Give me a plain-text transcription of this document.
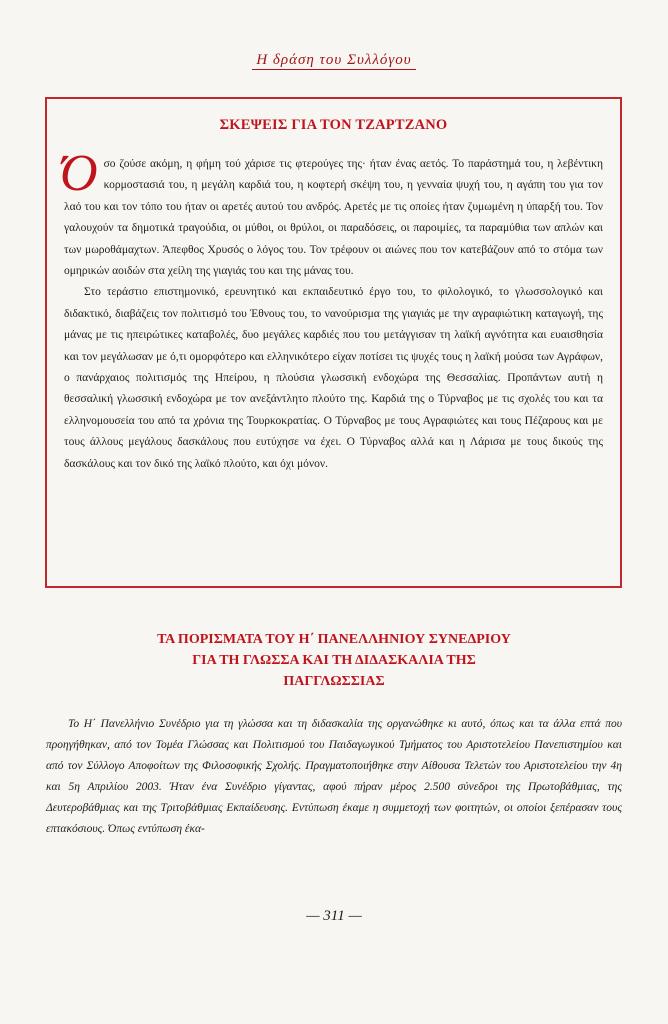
Η δράση του Συλλόγου
ΣΚΕΨΕΙΣ ΓΙΑ ΤΟΝ ΤΖΑΡΤΖΑΝΟ

Όσο ζούσε ακόμη, η φήμη τού χάρισε τις φτερούγες της· ήταν ένας αετός. Το παράστημά του, η λεβέντικη κορμοστασιά του, η μεγάλη καρδιά του, η κοφτερή σκέψη του, η γενναία ψυχή του, η αγάπη του για τον λαό του και τον τόπο του ήταν οι αρετές αυτού του ανδρός. Αρετές με τις οποίες ήταν ζυμωμένη η ύπαρξή του. Τον γαλουχούν τα δημοτικά τραγούδια, οι μύθοι, οι θρύλοι, οι παραδόσεις, οι παροιμίες, τα παραμύθια των απλών και των μωροθάμαχτων. Άπεφθος Χρυσός ο λόγος του. Τον τρέφουν οι αιώνες που τον κατεβάζουν από το στόμα των ομηρικών αοιδών στα χείλη της γιαγιάς του και της μάνας του.

Στο τεράστιο επιστημονικό, ερευνητικό και εκπαιδευτικό έργο του, το φιλολογικό, το γλωσσολογικό και διδακτικό, διαβάζεις τον πολιτισμό του Έθνους του, το νανούρισμα της γιαγιάς με την αγραφιώτικη καταγωγή, της μάνας με τις ηπειρώτικες καταβολές, δυο μεγάλες καρδιές που του μετάγγισαν τη λαϊκή αγνότητα και ευαισθησία και τον μεγάλωσαν με ό,τι ομορφότερο και ελληνικότερο είχαν ποτίσει τις ψυχές τους η λαϊκή μούσα των Αγράφων, ο πανάρχαιος πολιτισμός της Ηπείρου, η πλούσια γλωσσική ενδοχώρα της Θεσσαλίας. Προπάντων αυτή η θεσσαλική γλωσσική ενδοχώρα με τον ανεξάντλητο πλούτο της. Καρδιά της ο Τύρναβος με τις σχολές του και τα ελληνομουσεία του από τα χρόνια της Τουρκοκρατίας. Ο Τύρναβος με τους Αγραφιώτες και τους Πέζαρους και με τους άλλους μεγάλους δασκάλους που ευτύχησε να έχει. Ο Τύρναβος αλλά και η Λάρισα με τους δικούς της δασκάλους και τον δικό της λαϊκό πλούτο, και όχι μόνον.

ΤΑ ΠΟΡΙΣΜΑΤΑ ΤΟΥ Η΄ ΠΑΝΕΛΛΗΝΙΟΥ ΣΥΝΕΔΡΙΟΥ
ΓΙΑ ΤΗ ΓΛΩΣΣΑ ΚΑΙ ΤΗ ΔΙΔΑΣΚΑΛΙΑ ΤΗΣ
ΠΑΓΓΛΩΣΣΙΑΣ

Το Η΄ Πανελλήνιο Συνέδριο για τη γλώσσα και τη διδασκαλία της οργανώθηκε κι αυτό, όπως και τα άλλα επτά που προηγήθηκαν, από τον Τομέα Γλώσσας και Πολιτισμού του Παιδαγωγικού Τμήματος του Αριστοτελείου Πανεπιστημίου και από τον Σύλλογο Αποφοίτων της Φιλοσοφικής Σχολής. Πραγματοποιήθηκε στην Αίθουσα Τελετών του Αριστοτελείου την 4η και 5η Απριλίου 2003. Ήταν ένα Συνέδριο γίγαντας, αφού πήραν μέρος 2.500 σύνεδροι της Πρωτοβάθμιας, της Δευτεροβάθμιας και της Τριτοβάθμιας Εκπαίδευσης. Εντύπωση έκαμε η συμμετοχή των φοιτητών, οι οποίοι ξεπέρασαν τους επτακόσιους. Όπως εντύπωση έκα-

— 311 —
